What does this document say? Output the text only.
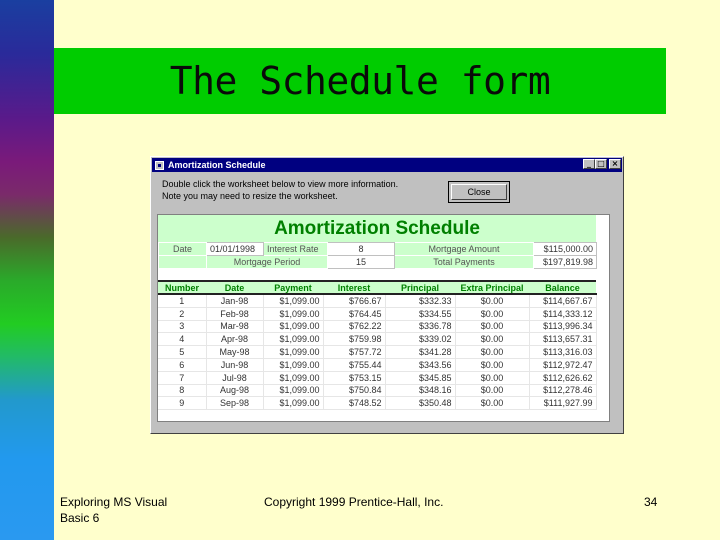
The Schedule form
Amortization Schedule	_ □ ×
Double click the worksheet below to view more information.
Note you may need to resize the worksheet.	Close
Amortization Schedule
Date	01/01/1998	Interest Rate	8	Mortgage Amount	$115,000.00
	Mortgage Period		15	Total Payments	$197,819.98
Number	Date	Payment	Interest	Principal	Extra Principal	Balance
1	Jan-98	$1,099.00	$766.67	$332.33	$0.00	$114,667.67
2	Feb-98	$1,099.00	$764.45	$334.55	$0.00	$114,333.12
3	Mar-98	$1,099.00	$762.22	$336.78	$0.00	$113,996.34
4	Apr-98	$1,099.00	$759.98	$339.02	$0.00	$113,657.31
5	May-98	$1,099.00	$757.72	$341.28	$0.00	$113,316.03
6	Jun-98	$1,099.00	$755.44	$343.56	$0.00	$112,972.47
7	Jul-98	$1,099.00	$753.15	$345.85	$0.00	$112,626.62
8	Aug-98	$1,099.00	$750.84	$348.16	$0.00	$112,278.46
9	Sep-98	$1,099.00	$748.52	$350.48	$0.00	$111,927.99
Exploring MS Visual
Basic 6
Copyright 1999 Prentice-Hall, Inc.	34
